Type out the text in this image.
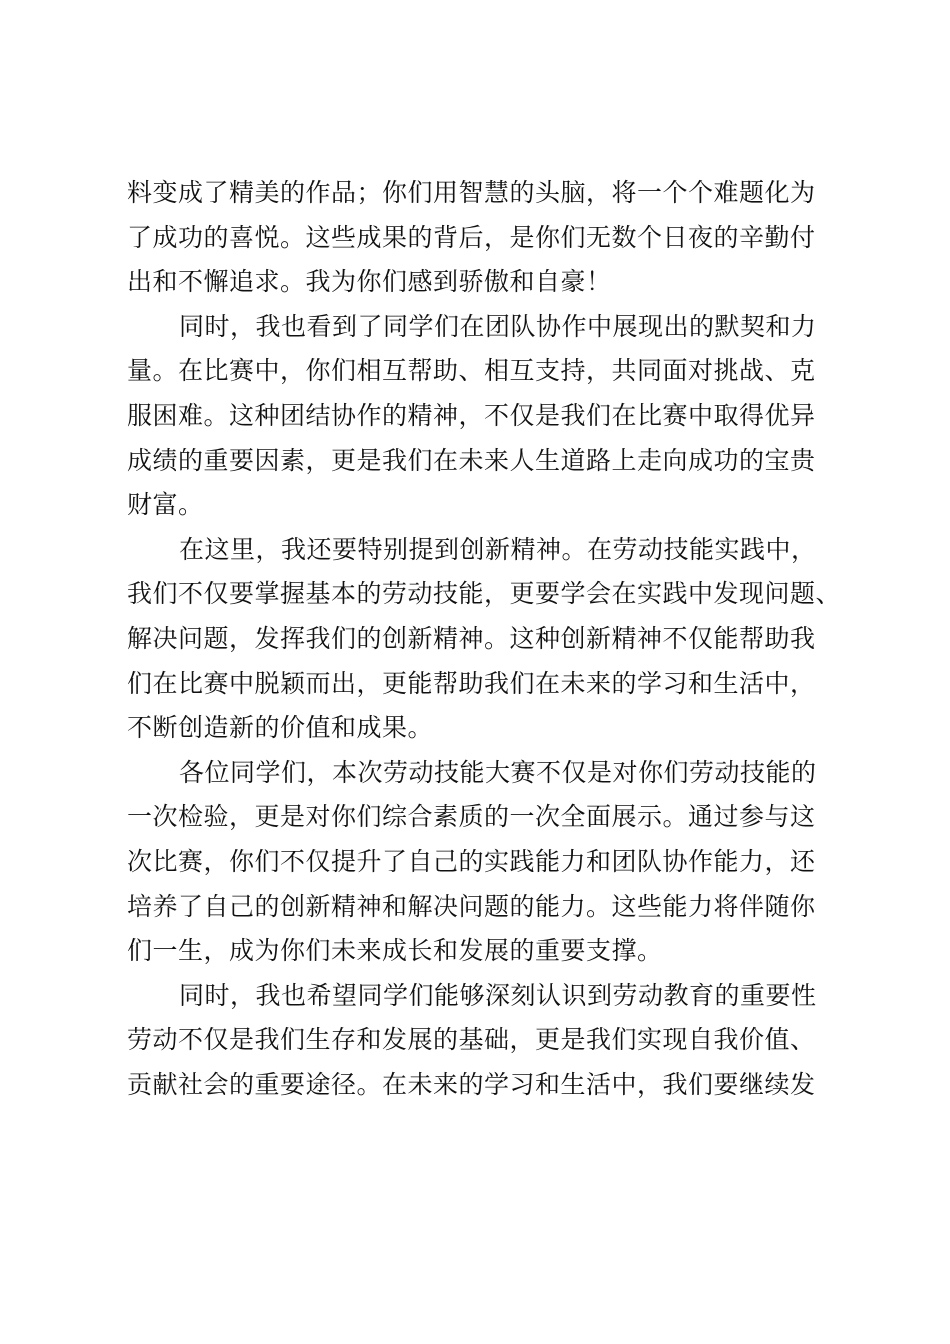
料变成了精美的作品；你们用智慧的头脑，将一个个难题化为
了成功的喜悦。这些成果的背后，是你们无数个日夜的辛勤付
出和不懈追求。我为你们感到骄傲和自豪！
同时，我也看到了同学们在团队协作中展现出的默契和力
量。在比赛中，你们相互帮助、相互支持，共同面对挑战、克
服困难。这种团结协作的精神，不仅是我们在比赛中取得优异
成绩的重要因素，更是我们在未来人生道路上走向成功的宝贵
财富。
在这里，我还要特别提到创新精神。在劳动技能实践中，
我们不仅要掌握基本的劳动技能，更要学会在实践中发现问题、
解决问题，发挥我们的创新精神。这种创新精神不仅能帮助我
们在比赛中脱颖而出，更能帮助我们在未来的学习和生活中，
不断创造新的价值和成果。
各位同学们，本次劳动技能大赛不仅是对你们劳动技能的
一次检验，更是对你们综合素质的一次全面展示。通过参与这
次比赛，你们不仅提升了自己的实践能力和团队协作能力，还
培养了自己的创新精神和解决问题的能力。这些能力将伴随你
们一生，成为你们未来成长和发展的重要支撑。
同时，我也希望同学们能够深刻认识到劳动教育的重要性
劳动不仅是我们生存和发展的基础，更是我们实现自我价值、
贡献社会的重要途径。在未来的学习和生活中，我们要继续发
